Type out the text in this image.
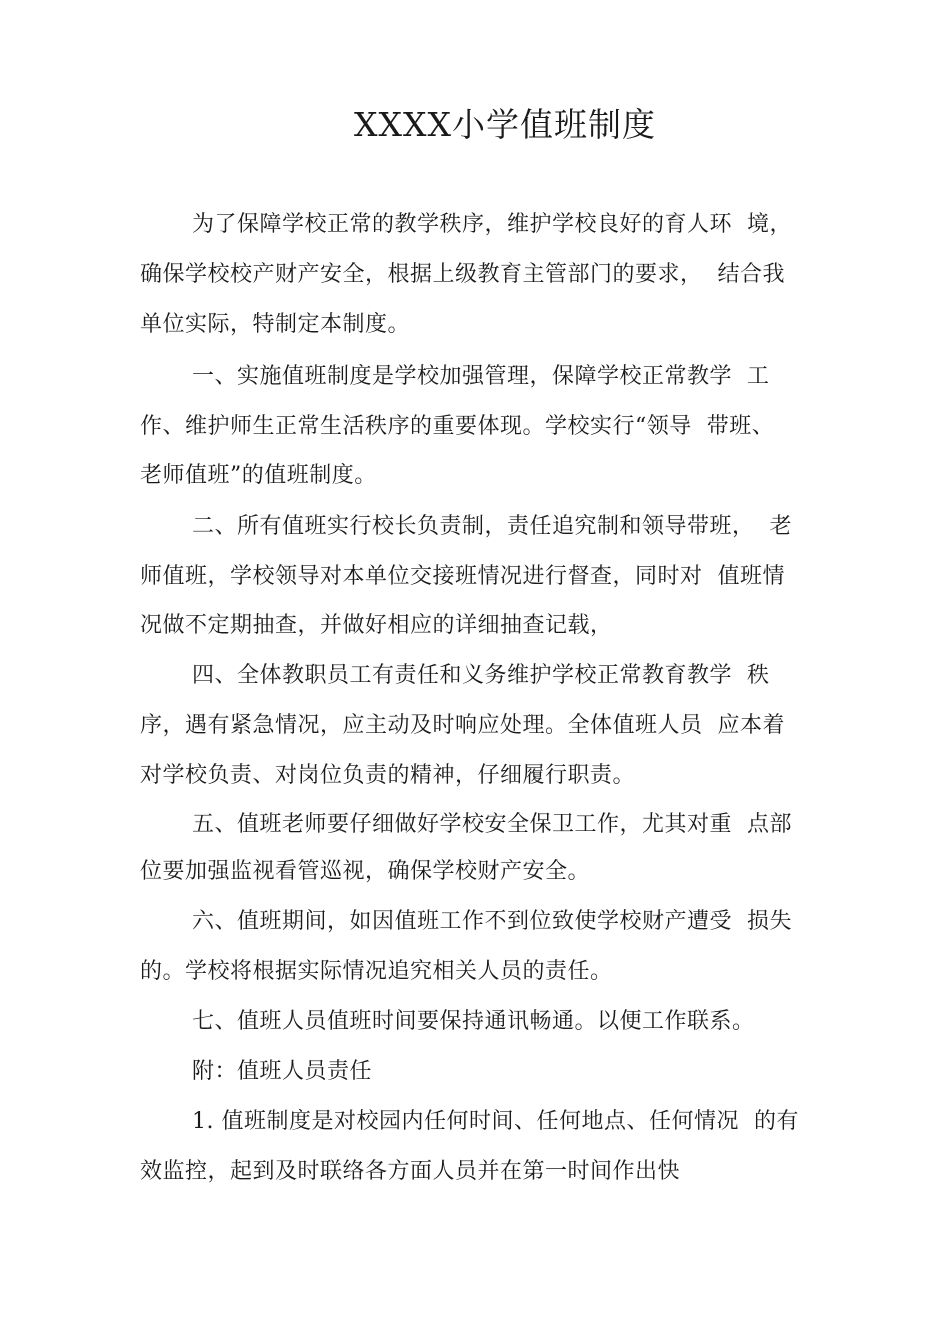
XXXX小学值班制度
为了保障学校正常的教学秩序，维护学校良好的育人环  境，
确保学校校产财产安全，根据上级教育主管部门的要求，  结合我
单位实际，特制定本制度。
一、实施值班制度是学校加强管理，保障学校正常教学  工
作、维护师生正常生活秩序的重要体现。学校实行“领导  带班、
老师值班”的值班制度。
二、所有值班实行校长负责制，责任追究制和领导带班，  老
师值班，学校领导对本单位交接班情况进行督查，同时对  值班情
况做不定期抽查，并做好相应的详细抽查记载，
四、全体教职员工有责任和义务维护学校正常教育教学  秩
序，遇有紧急情况，应主动及时响应处理。全体值班人员  应本着
对学校负责、对岗位负责的精神，仔细履行职责。
五、值班老师要仔细做好学校安全保卫工作，尤其对重  点部
位要加强监视看管巡视，确保学校财产安全。
六、值班期间，如因值班工作不到位致使学校财产遭受  损失
的。学校将根据实际情况追究相关人员的责任。
七、值班人员值班时间要保持通讯畅通。以便工作联系。
附：值班人员责任
1. 值班制度是对校园内任何时间、任何地点、任何情况  的有
效监控，起到及时联络各方面人员并在第一时间作出快
